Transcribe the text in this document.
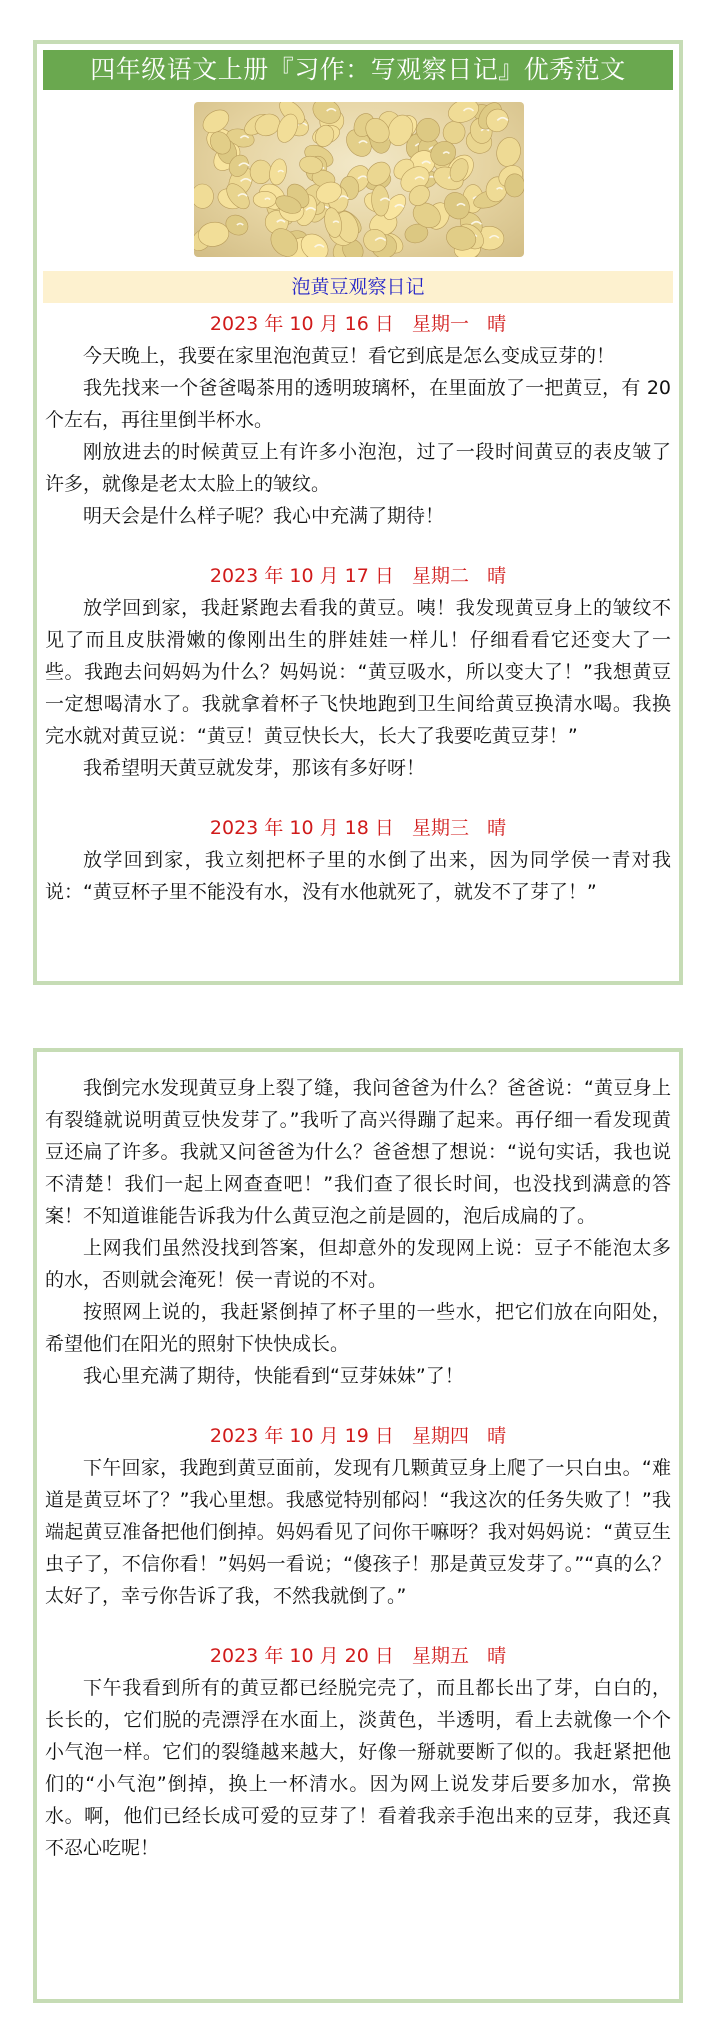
四年级语文上册『习作：写观察日记』优秀范文
泡黄豆观察日记
2023 年 10 月 16 日   星期一   晴

今天晚上，我要在家里泡泡黄豆！看它到底是怎么变成豆芽的！

我先找来一个爸爸喝茶用的透明玻璃杯，在里面放了一把黄豆，有 20 个左右，再往里倒半杯水。

刚放进去的时候黄豆上有许多小泡泡，过了一段时间黄豆的表皮皱了许多，就像是老太太脸上的皱纹。

明天会是什么样子呢？我心中充满了期待！

2023 年 10 月 17 日   星期二   晴

放学回到家，我赶紧跑去看我的黄豆。咦！我发现黄豆身上的皱纹不见了而且皮肤滑嫩的像刚出生的胖娃娃一样儿！仔细看看它还变大了一些。我跑去问妈妈为什么？妈妈说：“黄豆吸水，所以变大了！”我想黄豆一定想喝清水了。我就拿着杯子飞快地跑到卫生间给黄豆换清水喝。我换完水就对黄豆说：“黄豆！黄豆快长大，长大了我要吃黄豆芽！”

我希望明天黄豆就发芽，那该有多好呀！

2023 年 10 月 18 日   星期三   晴

放学回到家，我立刻把杯子里的水倒了出来，因为同学侯一青对我说：“黄豆杯子里不能没有水，没有水他就死了，就发不了芽了！”

我倒完水发现黄豆身上裂了缝，我问爸爸为什么？爸爸说：“黄豆身上有裂缝就说明黄豆快发芽了。”我听了高兴得蹦了起来。再仔细一看发现黄豆还扁了许多。我就又问爸爸为什么？爸爸想了想说：“说句实话，我也说不清楚！我们一起上网查查吧！”我们查了很长时间，也没找到满意的答案！不知道谁能告诉我为什么黄豆泡之前是圆的，泡后成扁的了。

上网我们虽然没找到答案，但却意外的发现网上说：豆子不能泡太多的水，否则就会淹死！侯一青说的不对。

按照网上说的，我赶紧倒掉了杯子里的一些水，把它们放在向阳处，希望他们在阳光的照射下快快成长。

我心里充满了期待，快能看到“豆芽妹妹”了！

2023 年 10 月 19 日   星期四   晴

下午回家，我跑到黄豆面前，发现有几颗黄豆身上爬了一只白虫。“难道是黄豆坏了？”我心里想。我感觉特别郁闷！“我这次的任务失败了！”我端起黄豆准备把他们倒掉。妈妈看见了问你干嘛呀？我对妈妈说：“黄豆生虫子了，不信你看！”妈妈一看说；“傻孩子！那是黄豆发芽了。”“真的么？太好了，幸亏你告诉了我，不然我就倒了。”

2023 年 10 月 20 日   星期五   晴

下午我看到所有的黄豆都已经脱完壳了，而且都长出了芽，白白的，长长的，它们脱的壳漂浮在水面上，淡黄色，半透明，看上去就像一个个小气泡一样。它们的裂缝越来越大，好像一掰就要断了似的。我赶紧把他们的“小气泡”倒掉，换上一杯清水。因为网上说发芽后要多加水，常换水。啊，他们已经长成可爱的豆芽了！看着我亲手泡出来的豆芽，我还真不忍心吃呢！
